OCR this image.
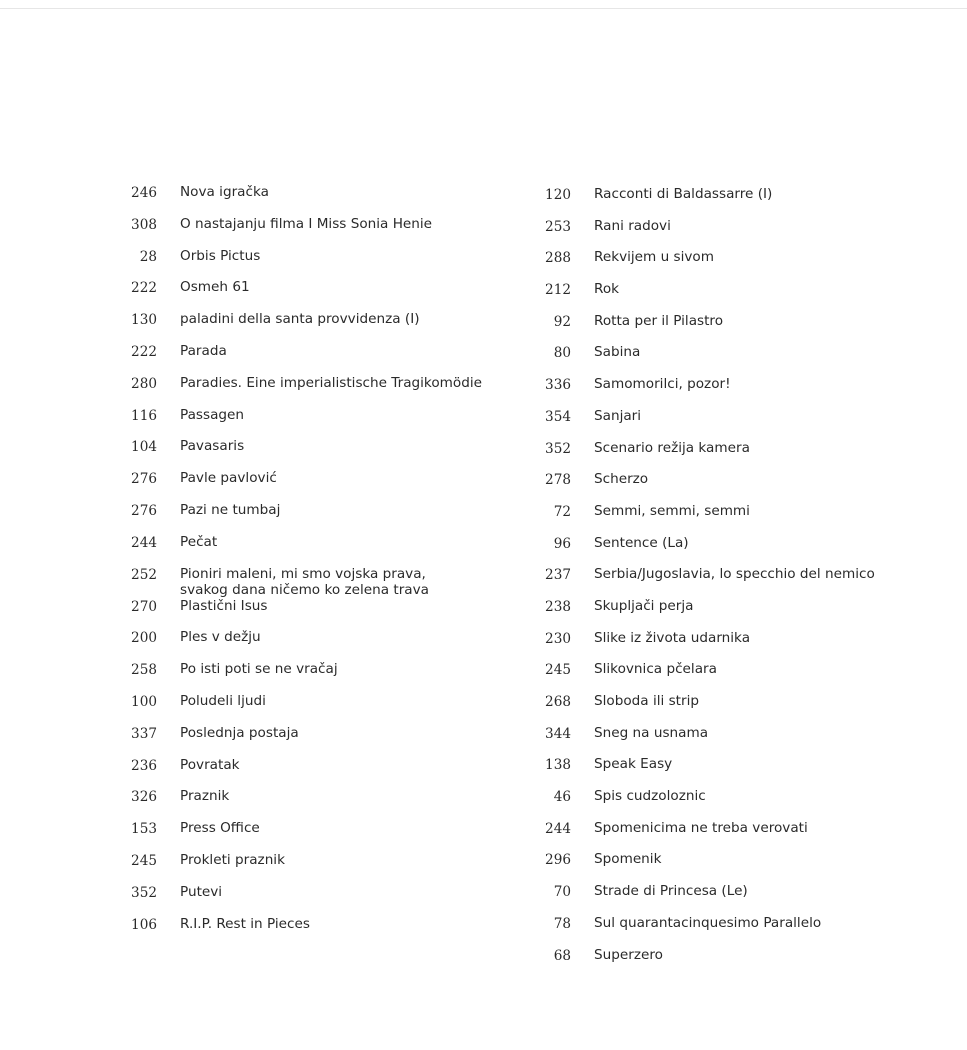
246 Nova igračka
308 O nastajanju filma I Miss Sonia Henie
28 Orbis Pictus
222 Osmeh 61
130 paladini della santa provvidenza (I)
222 Parada
280 Paradies. Eine imperialistische Tragikomödie
116 Passagen
104 Pavasaris
276 Pavle pavlović
276 Pazi ne tumbaj
244 Pečat
252 Pioniri maleni, mi smo vojska prava,
svakog dana ničemo ko zelena trava
270 Plastični Isus
200 Ples v dežju
258 Po isti poti se ne vračaj
100 Poludeli ljudi
337 Poslednja postaja
236 Povratak
326 Praznik
153 Press Office
245 Prokleti praznik
352 Putevi
106 R.I.P. Rest in Pieces
120 Racconti di Baldassarre (I)
253 Rani radovi
288 Rekvijem u sivom
212 Rok
92 Rotta per il Pilastro
80 Sabina
336 Samomorilci, pozor!
354 Sanjari
352 Scenario režija kamera
278 Scherzo
72 Semmi, semmi, semmi
96 Sentence (La)
237 Serbia/Jugoslavia, lo specchio del nemico
238 Skupljači perja
230 Slike iz života udarnika
245 Slikovnica pčelara
268 Sloboda ili strip
344 Sneg na usnama
138 Speak Easy
46 Spis cudzoloznic
244 Spomenicima ne treba verovati
296 Spomenik
70 Strade di Princesa (Le)
78 Sul quarantacinquesimo Parallelo
68 Superzero
